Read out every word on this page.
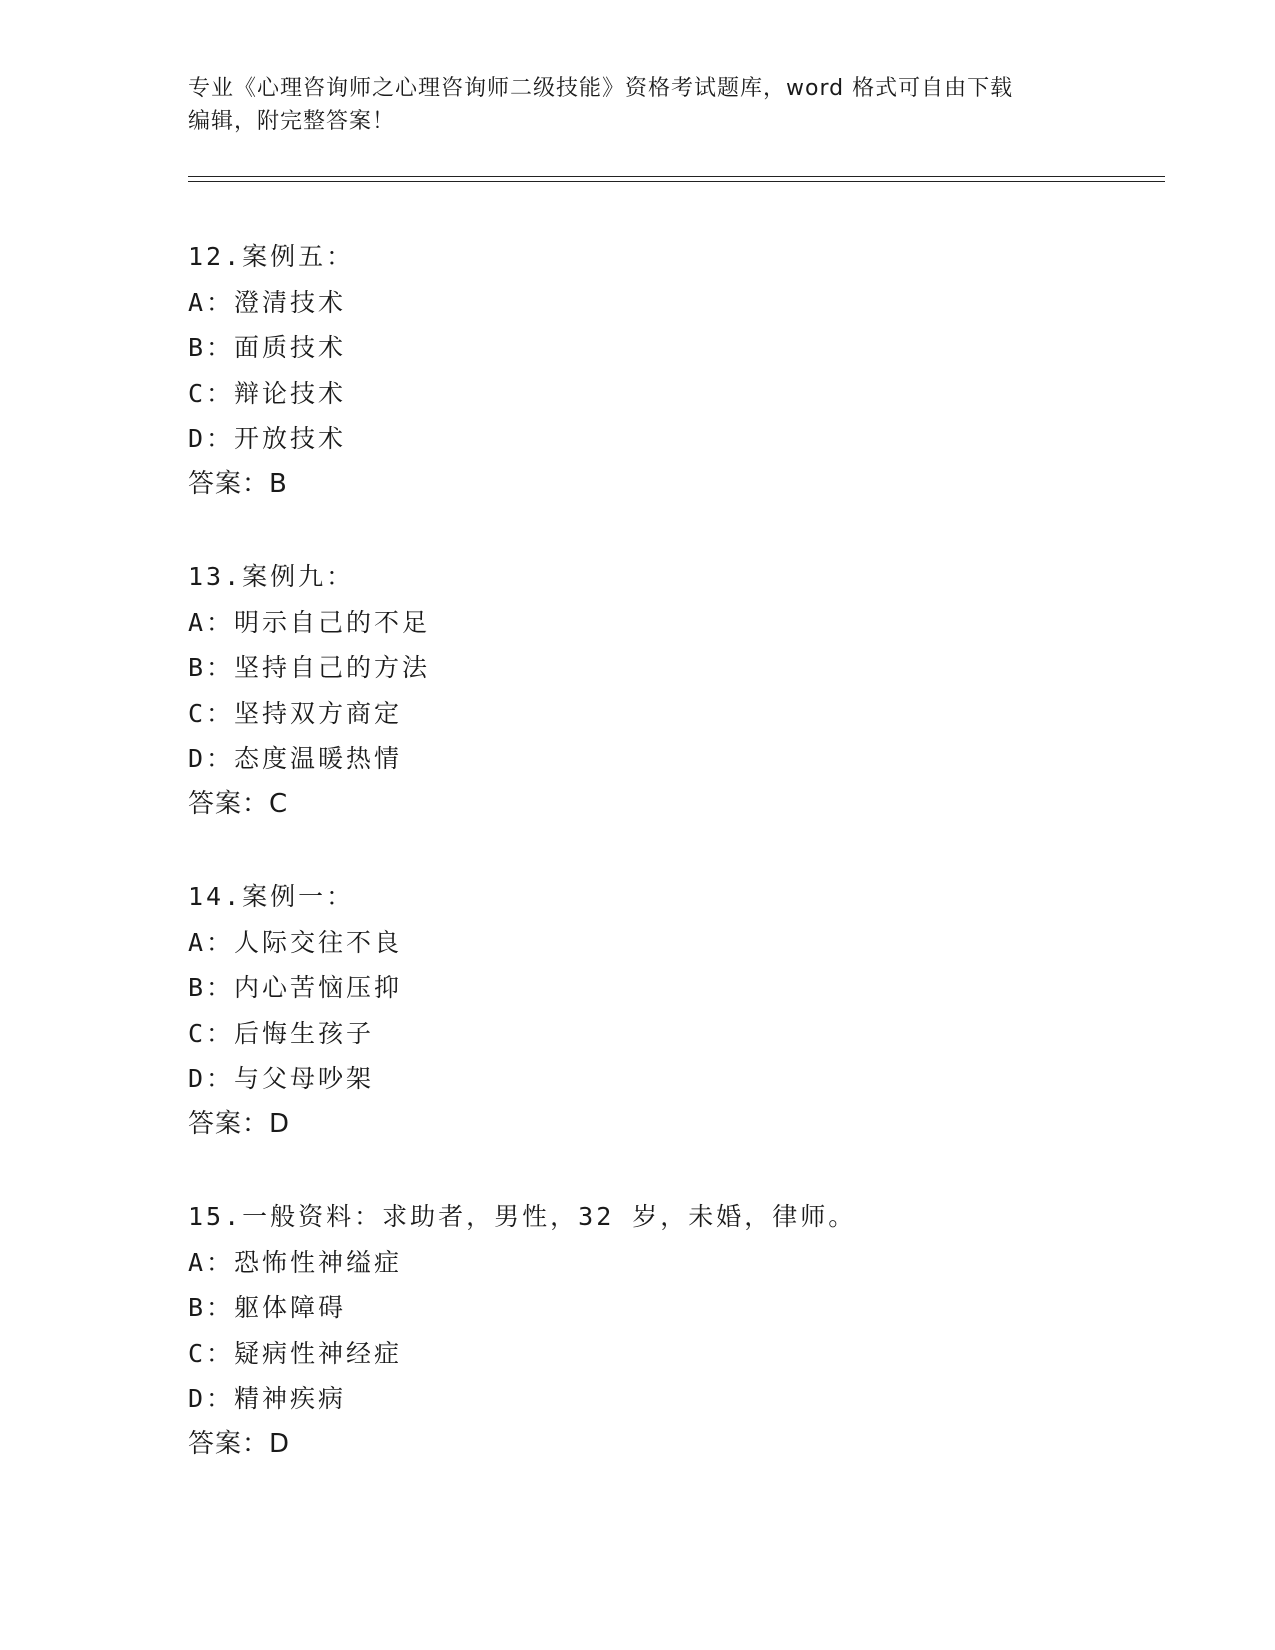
专业《心理咨询师之心理咨询师二级技能》资格考试题库，word 格式可自由下载
编辑，附完整答案！
12.案例五：
A：澄清技术
B：面质技术
C：辩论技术
D：开放技术
答案：B
13.案例九：
A：明示自己的不足
B：坚持自己的方法
C：坚持双方商定
D：态度温暖热情
答案：C
14.案例一：
A：人际交往不良
B：内心苦恼压抑
C：后悔生孩子
D：与父母吵架
答案：D
15.一般资料：求助者，男性，32 岁，未婚，律师。
A：恐怖性神缢症
B：躯体障碍
C：疑病性神经症
D：精神疾病
答案：D
